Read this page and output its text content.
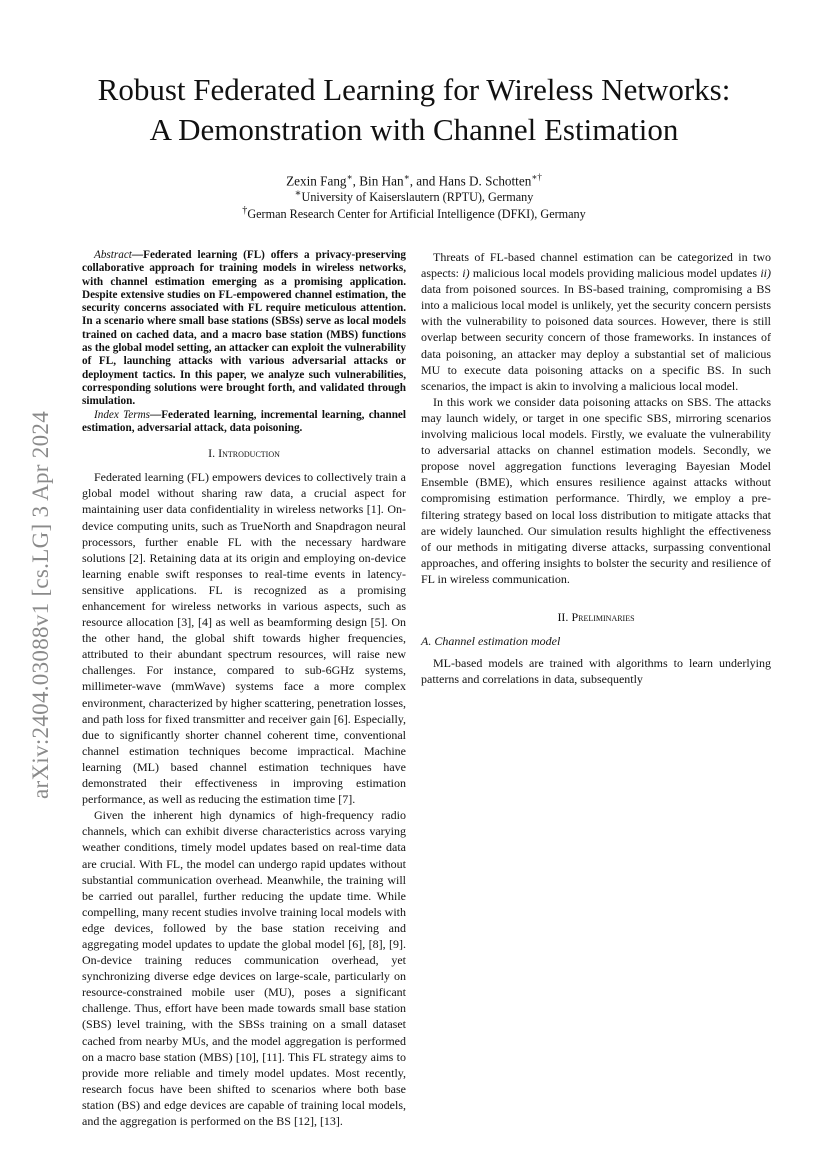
arXiv:2404.03088v1 [cs.LG] 3 Apr 2024
Robust Federated Learning for Wireless Networks:
A Demonstration with Channel Estimation
Zexin Fang∗, Bin Han∗, and Hans D. Schotten∗†
∗University of Kaiserslautern (RPTU), Germany
†German Research Center for Artificial Intelligence (DFKI), Germany

Abstract—Federated learning (FL) offers a privacy-preserving collaborative approach for training models in wireless networks, with channel estimation emerging as a promising application. Despite extensive studies on FL-empowered channel estimation, the security concerns associated with FL require meticulous attention. In a scenario where small base stations (SBSs) serve as local models trained on cached data, and a macro base station (MBS) functions as the global model setting, an attacker can exploit the vulnerability of FL, launching attacks with various adversarial attacks or deployment tactics. In this paper, we analyze such vulnerabilities, corresponding solutions were brought forth, and validated through simulation.

Index Terms—Federated learning, incremental learning, channel estimation, adversarial attack, data poisoning.

I. Introduction

Federated learning (FL) empowers devices to collectively train a global model without sharing raw data, a crucial aspect for maintaining user data confidentiality in wireless networks [1]. On-device computing units, such as TrueNorth and Snapdragon neural processors, further enable FL with the necessary hardware solutions [2]. Retaining data at its origin and employing on-device learning enable swift responses to real-time events in latency-sensitive applications. FL is recognized as a promising enhancement for wireless networks in various aspects, such as resource allocation [3], [4] as well as beamforming design [5]. On the other hand, the global shift towards higher frequencies, attributed to their abundant spectrum resources, will raise new challenges. For instance, compared to sub-6GHz systems, millimeter-wave (mmWave) systems face a more complex environment, characterized by higher scattering, penetration losses, and path loss for fixed transmitter and receiver gain [6]. Especially, due to significantly shorter channel coherent time, conventional channel estimation techniques become impractical. Machine learning (ML) based channel estimation techniques have demonstrated their effectiveness in improving estimation performance, as well as reducing the estimation time [7].

Given the inherent high dynamics of high-frequency radio channels, which can exhibit diverse characteristics across varying weather conditions, timely model updates based on real-time data are crucial. With FL, the model can undergo rapid updates without substantial communication overhead. Meanwhile, the training will be carried out parallel, further reducing the update time. While compelling, many recent studies involve training local models with edge devices, followed by the base station receiving and aggregating model updates to update the global model [6], [8], [9]. On-device training reduces communication overhead, yet synchronizing diverse edge devices on large-scale, particularly on resource-constrained mobile user (MU), poses a significant challenge. Thus, effort have been made towards small base station (SBS) level training, with the SBSs training on a small dataset cached from nearby MUs, and the model aggregation is performed on a macro base station (MBS) [10], [11]. This FL strategy aims to provide more reliable and timely model updates. Most recently, research focus have been shifted to scenarios where both base station (BS) and edge devices are capable of training local models, and the aggregation is performed on the BS [12], [13].

Threats of FL-based channel estimation can be categorized in two aspects: i) malicious local models providing malicious model updates ii) data from poisoned sources. In BS-based training, compromising a BS into a malicious local model is unlikely, yet the security concern persists with the vulnerability to poisoned data sources. However, there is still overlap between security concern of those frameworks. In instances of data poisoning, an attacker may deploy a substantial set of malicious MU to execute data poisoning attacks on a specific BS. In such scenarios, the impact is akin to involving a malicious local model.

In this work we consider data poisoning attacks on SBS. The attacks may launch widely, or target in one specific SBS, mirroring scenarios involving malicious local models. Firstly, we evaluate the vulnerability to adversarial attacks on channel estimation models. Secondly, we propose novel aggregation functions leveraging Bayesian Model Ensemble (BME), which ensures resilience against attacks without compromising estimation performance. Thirdly, we employ a pre-filtering strategy based on local loss distribution to mitigate attacks that are widely launched. Our simulation results highlight the effectiveness of our methods in mitigating diverse attacks, surpassing conventional approaches, and offering insights to bolster the security and resilience of FL in wireless communication.

II. Preliminaries
A. Channel estimation model

ML-based models are trained with algorithms to learn underlying patterns and correlations in data, subsequently
